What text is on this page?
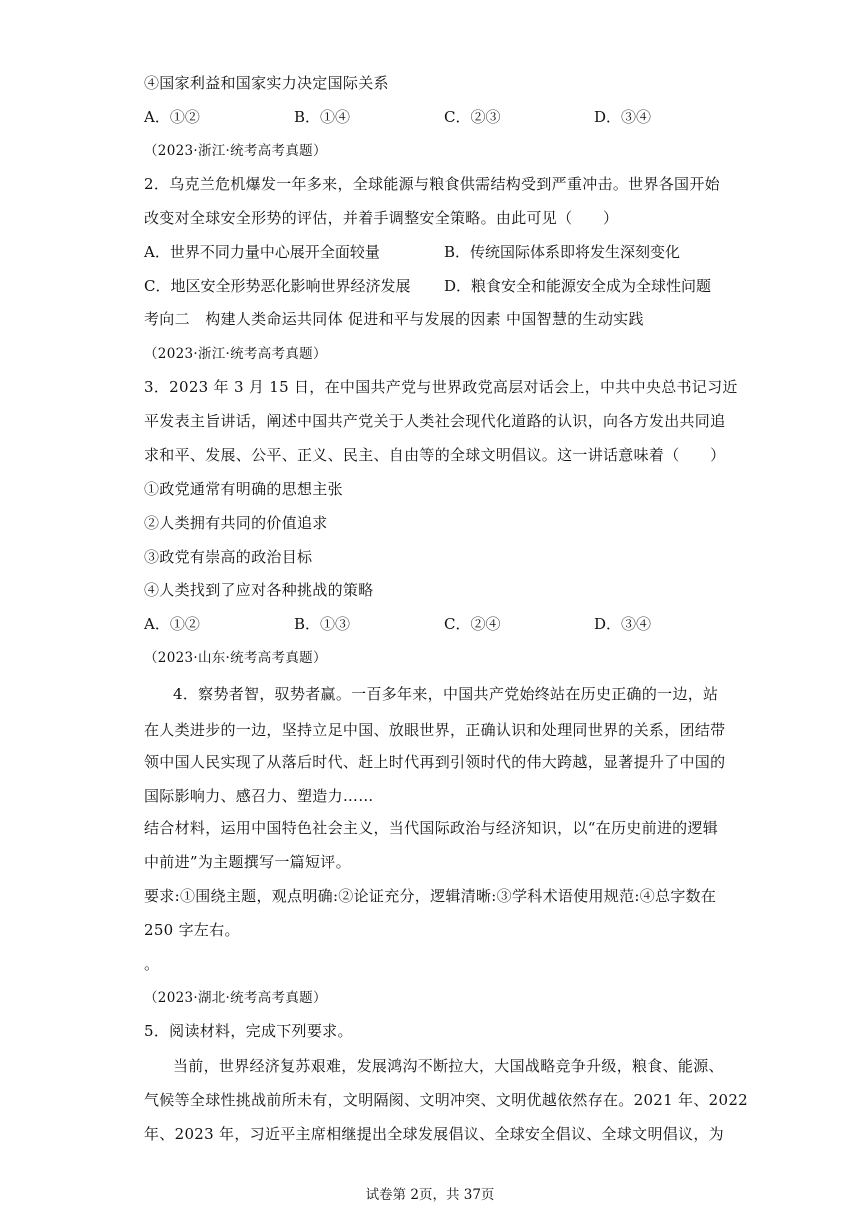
④国家利益和国家实力决定国际关系
A．①②	B．①④	C．②③	D．③④
（2023·浙江·统考高考真题）
2．乌克兰危机爆发一年多来，全球能源与粮食供需结构受到严重冲击。世界各国开始
改变对全球安全形势的评估，并着手调整安全策略。由此可见（　　）
A．世界不同力量中心展开全面较量	B．传统国际体系即将发生深刻变化
C．地区安全形势恶化影响世界经济发展 D．粮食安全和能源安全成为全球性问题
考向二　构建人类命运共同体 促进和平与发展的因素 中国智慧的生动实践
（2023·浙江·统考高考真题）
3．2023 年 3 月 15 日，在中国共产党与世界政党高层对话会上，中共中央总书记习近
平发表主旨讲话，阐述中国共产党关于人类社会现代化道路的认识，向各方发出共同追
求和平、发展、公平、正义、民主、自由等的全球文明倡议。这一讲话意味着（　　）
①政党通常有明确的思想主张
②人类拥有共同的价值追求
③政党有崇高的政治目标
④人类找到了应对各种挑战的策略
A．①②	B．①③	C．②④	D．③④
（2023·山东·统考高考真题）
4．察势者智，驭势者赢。一百多年来，中国共产党始终站在历史正确的一边，站
在人类进步的一边，坚持立足中国、放眼世界，正确认识和处理同世界的关系，团结带
领中国人民实现了从落后时代、赶上时代再到引领时代的伟大跨越，显著提升了中国的
国际影响力、感召力、塑造力……
结合材料，运用中国特色社会主义，当代国际政治与经济知识，以“在历史前进的逻辑
中前进”为主题撰写一篇短评。
要求:①围绕主题，观点明确:②论证充分，逻辑清晰:③学科术语使用规范:④总字数在
250 字左右。
。
（2023·湖北·统考高考真题）
5．阅读材料，完成下列要求。
当前，世界经济复苏艰难，发展鸿沟不断拉大，大国战略竞争升级，粮食、能源、
气候等全球性挑战前所未有，文明隔阂、文明冲突、文明优越依然存在。2021 年、2022
年、2023 年，习近平主席相继提出全球发展倡议、全球安全倡议、全球文明倡议，为
试卷第 2页，共 37页
